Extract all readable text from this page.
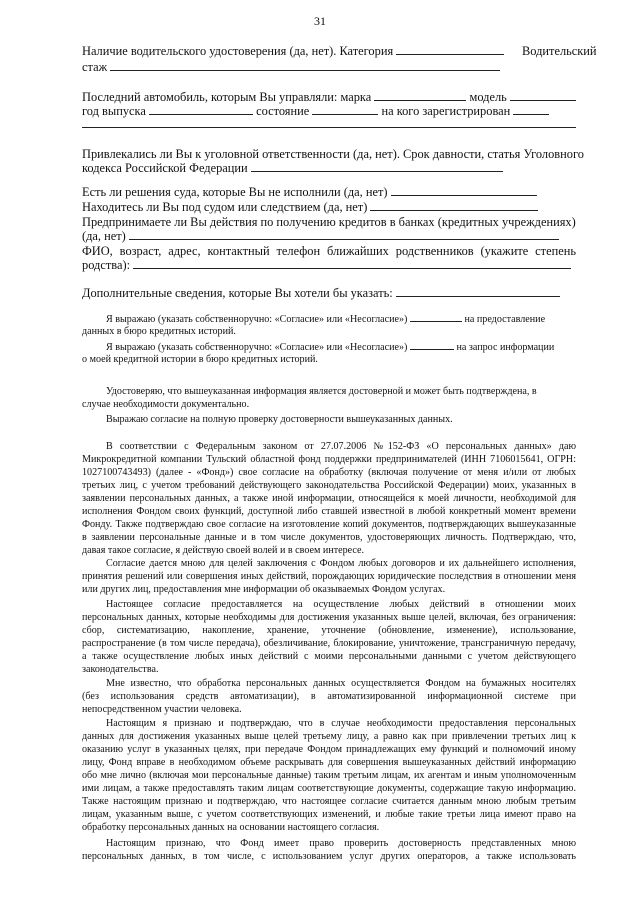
31
Наличие водительского удостоверения (да, нет). Категория	Водительский
стаж
Последний автомобиль, которым Вы управляли: марка	модель
год выпуска	состояние	на кого зарегистрирован
Привлекались ли Вы к уголовной ответственности (да, нет). Срок давности, статья Уголовного
кодекса Российской Федерации
Есть ли решения суда, которые Вы не исполнили (да, нет)
Находитесь ли Вы под судом или следствием (да, нет)
Предпринимаете ли Вы действия по получению кредитов в банках (кредитных учреждениях)
(да, нет)
ФИО, возраст, адрес, контактный телефон ближайших родственников (укажите степень
родства):
Дополнительные сведения, которые Вы хотели бы указать:
Я выражаю (указать собственноручно: «Согласие» или «Несогласие»)	на предоставление
данных в бюро кредитных историй.
Я выражаю (указать собственноручно: «Согласие» или «Несогласие»)	на запрос информации
о моей кредитной истории в бюро кредитных историй.
Удостоверяю, что вышеуказанная информация является достоверной и может быть подтверждена, в
случае необходимости документально.
Выражаю согласие на полную проверку достоверности вышеуказанных данных.
В соответствии с Федеральным законом от 27.07.2006 №152-ФЗ «О персональных данных» даю
Микрокредитной компании Тульский областной фонд поддержки предпринимателей (ИНН 7106015641, ОГРН:
1027100743493) (далее - «Фонд») свое согласие на обработку (включая получение от меня и/или от любых
третьих лиц, с учетом требований действующего законодательства Российской Федерации) моих, указанных в
заявлении персональных данных, а также иной информации, относящейся к моей личности, необходимой для
исполнения Фондом своих функций, доступной либо ставшей известной в любой конкретный момент времени
Фонду. Также подтверждаю свое согласие на изготовление копий документов, подтверждающих вышеуказанные
в заявлении персональные данные и в том числе документов, удостоверяющих личность. Подтверждаю, что,
давая такое согласие, я действую своей волей и в своем интересе.
Согласие дается мною для целей заключения с Фондом любых договоров и их дальнейшего исполнения,
принятия решений или совершения иных действий, порождающих юридические последствия в отношении меня
или других лиц, предоставления мне информации об оказываемых Фондом услугах.
Настоящее согласие предоставляется на осуществление любых действий в отношении моих
персональных данных, которые необходимы для достижения указанных выше целей, включая, без ограничения:
сбор, систематизацию, накопление, хранение, уточнение (обновление, изменение), использование,
распространение (в том числе передача), обезличивание, блокирование, уничтожение, трансграничную передачу,
а также осуществление любых иных действий с моими персональными данными с учетом действующего
законодательства.
Мне известно, что обработка персональных данных осуществляется Фондом на бумажных носителях
(без использования средств автоматизации), в автоматизированной информационной системе при
непосредственном участии человека.
Настоящим я признаю и подтверждаю, что в случае необходимости предоставления персональных
данных для достижения указанных выше целей третьему лицу, а равно как при привлечении третьих лиц к
оказанию услуг в указанных целях, при передаче Фондом принадлежащих ему функций и полномочий иному
лицу, Фонд вправе в необходимом объеме раскрывать для совершения вышеуказанных действий информацию
обо мне лично (включая мои персональные данные) таким третьим лицам, их агентам и иным уполномоченным
ими лицам, а также предоставлять таким лицам соответствующие документы, содержащие такую информацию.
Также настоящим признаю и подтверждаю, что настоящее согласие считается данным мною любым третьим
лицам, указанным выше, с учетом соответствующих изменений, и любые такие третьи лица имеют право на
обработку персональных данных на основании настоящего согласия.
Настоящим признаю, что Фонд имеет право проверить достоверность представленных мною
персональных данных, в том числе, с использованием услуг других операторов, а также использовать
